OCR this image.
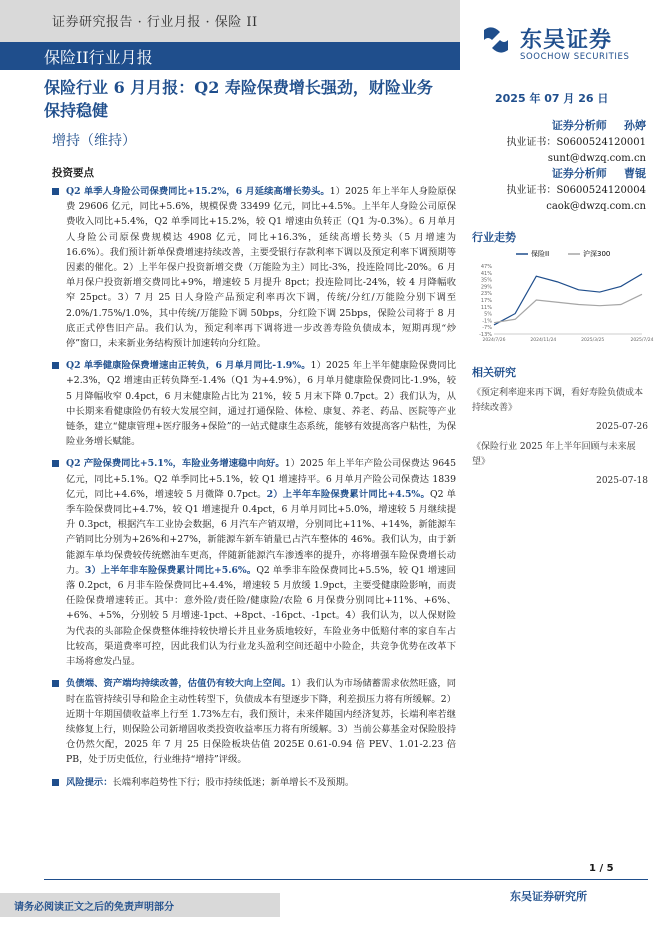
证券研究报告 · 行业月报 · 保险 II
保险II行业月报
东吴证券
SOOCHOW SECURITIES
保险行业 6 月月报：Q2 寿险保费增长强劲，财险业务保持稳健
2025 年 07 月 26 日
增持（维持）
证券分析师 孙婷
执业证书：S0600524120001
sunt@dwzq.com.cn
证券分析师 曹锟
执业证书：S0600524120004
caok@dwzq.com.cn
行业走势
保险II	沪深300
47%
41%
35%
29%
23%
17%
11%
5%
-1%
-7%
-13%
2024/7/26	2024/11/24	2025/3/25	2025/7/24
投资要点
Q2 单季人身险公司保费同比+15.2%，6 月延续高增长势头。1）2025 年上半年人身险原保费 29606 亿元，同比+5.6%，规模保费 33499 亿元，同比+4.5%。上半年人身险公司原保费收入同比+5.4%，Q2 单季同比+15.2%，较 Q1 增速由负转正（Q1 为-0.3%）。6 月单月人身险公司原保费规模达 4908 亿元，同比+16.3%，延续高增长势头（5 月增速为 16.6%）。我们预计新单保费增速持续改善，主要受银行存款利率下调以及预定利率下调预期等因素的催化。2）上半年保户投资新增交费（万能险为主）同比-3%，投连险同比-20%。6 月单月保户投资新增交费同比+9%，增速较 5 月提升 8pct；投连险同比-24%，较 4 月降幅收窄 25pct。3）7 月 25 日人身险产品预定利率再次下调，传统/分红/万能险分别下调至 2.0%/1.75%/1.0%，其中传统/万能险下调 50bps，分红险下调 25bps，保险公司将于 8 月底正式停售旧产品。我们认为，预定利率再下调将进一步改善寿险负债成本，短期再现“炒停”窗口，未来新业务结构预计加速转向分红险。
Q2 单季健康险保费增速由正转负，6 月单月同比-1.9%。1）2025 年上半年健康险保费同比+2.3%，Q2 增速由正转负降至-1.4%（Q1 为+4.9%），6 月单月健康险保费同比-1.9%，较 5 月降幅收窄 0.4pct，6 月末健康险占比为 21%，较 5 月末下降 0.7pct。2）我们认为，从中长期来看健康险仍有较大发展空间，通过打通保险、体检、康复、养老、药品、医院等产业链条，建立“健康管理+医疗服务+保险”的一站式健康生态系统，能够有效提高客户粘性，为保险业务增长赋能。
Q2 产险保费同比+5.1%，车险业务增速稳中向好。1）2025 年上半年产险公司保费达 9645 亿元，同比+5.1%。Q2 单季同比+5.1%，较 Q1 增速持平。6 月单月产险公司保费达 1839 亿元，同比+4.6%，增速较 5 月微降 0.7pct。2）上半年车险保费累计同比+4.5%。Q2 单季车险保费同比+4.7%，较 Q1 增速提升 0.4pct，6 月单月同比+5.0%，增速较 5 月继续提升 0.3pct，根据汽车工业协会数据，6 月汽车产销双增，分别同比+11%、+14%，新能源车产销同比分别为+26%和+27%，新能源车新车销量已占汽车整体的 46%。我们认为，由于新能源车单均保费较传统燃油车更高，伴随新能源汽车渗透率的提升，亦将增强车险保费增长动力。3）上半年非车险保费累计同比+5.6%。Q2 单季非车险保费同比+5.5%，较 Q1 增速回落 0.2pct，6 月非车险保费同比+4.4%，增速较 5 月放缓 1.9pct，主要受健康险影响，而责任险保费增速转正。其中：意外险/责任险/健康险/农险 6 月保费分别同比+11%、+6%、+6%、+5%，分别较 5 月增速-1pct、+8pct、-16pct、-1pct。4）我们认为，以人保财险为代表的头部险企保费整体维持较快增长并且业务质地较好，车险业务中低赔付率的家自车占比较高，渠道费率可控，因此我们认为行业龙头盈利空间还超中小险企，共竞争优势在改革下丰场将愈发凸显。
负债端、资产端均持续改善，估值仍有较大向上空间。1）我们认为市场储蓄需求依然旺盛，同时在监管持续引导和险企主动性转型下，负债成本有望逐步下降，利差损压力将有所缓解。2）近期十年期国债收益率上行至 1.73%左右，我们预计，未来伴随国内经济复苏，长端利率若继续修复上行，则保险公司新增固收类投资收益率压力将有所缓解。3）当前公募基金对保险股持仓仍然欠配，2025 年 7 月 25 日保险板块估值 2025E 0.61-0.94 倍 PEV、1.01-2.23 倍 PB，处于历史低位，行业维持“增持”评级。
风险提示：长端利率趋势性下行；股市持续低迷；新单增长不及预期。
相关研究
《预定利率迎来再下调，看好寿险负债成本持续改善》
2025-07-26
《保险行业 2025 年上半年回顾与未来展望》
2025-07-18
1 / 5
东吴证券研究所
请务必阅读正文之后的免责声明部分
